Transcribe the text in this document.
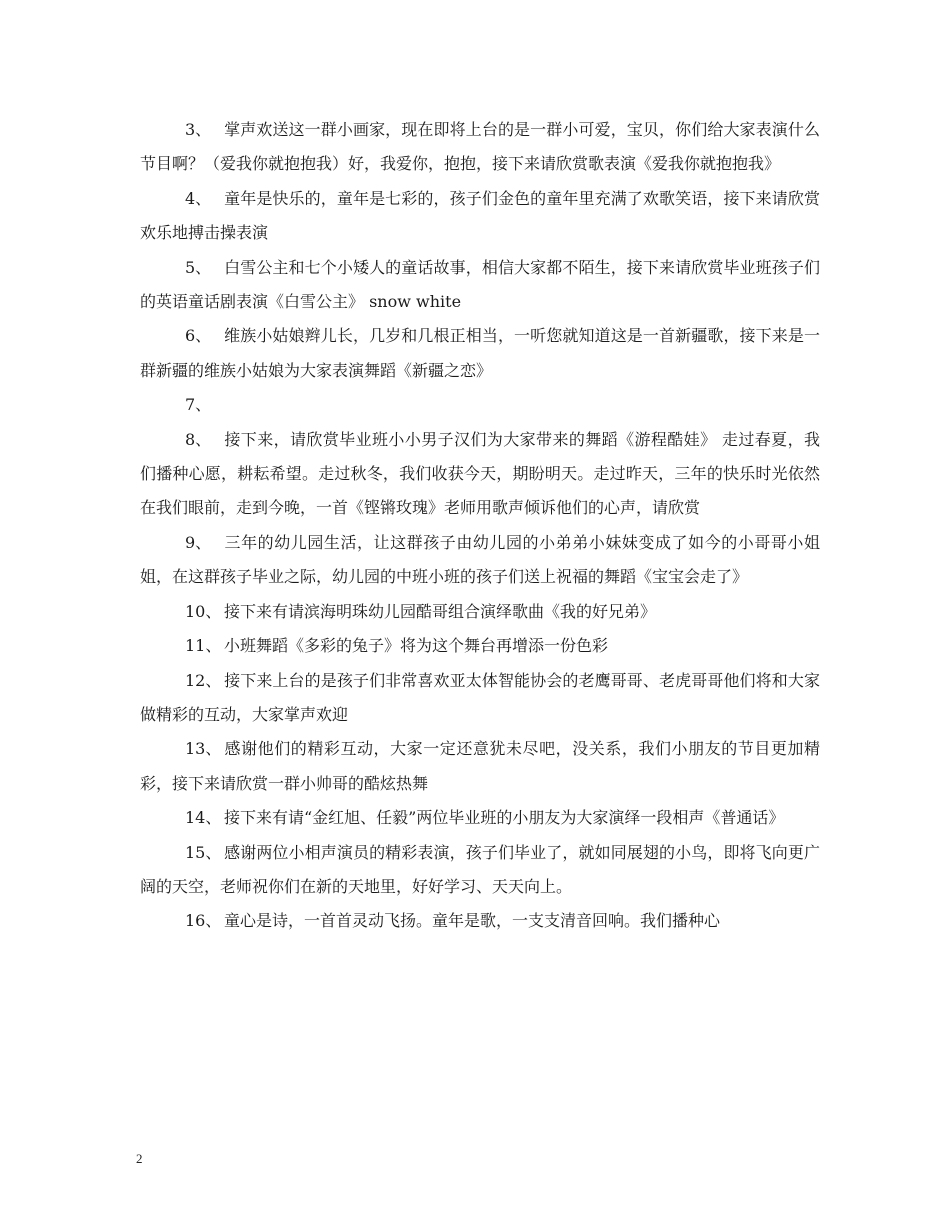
3、 掌声欢送这一群小画家，现在即将上台的是一群小可爱，宝贝，你们给大家表演什么节目啊？（爱我你就抱抱我）好，我爱你，抱抱，接下来请欣赏歌表演《爱我你就抱抱我》

4、 童年是快乐的，童年是七彩的，孩子们金色的童年里充满了欢歌笑语，接下来请欣赏欢乐地搏击操表演

5、 白雪公主和七个小矮人的童话故事，相信大家都不陌生，接下来请欣赏毕业班孩子们的英语童话剧表演《白雪公主》 snow white

6、 维族小姑娘辫儿长，几岁和几根正相当，一听您就知道这是一首新疆歌，接下来是一群新疆的维族小姑娘为大家表演舞蹈《新疆之恋》

7、

8、 接下来，请欣赏毕业班小小男子汉们为大家带来的舞蹈《游程酷娃》 走过春夏，我们播种心愿，耕耘希望。走过秋冬，我们收获今天，期盼明天。走过昨天，三年的快乐时光依然在我们眼前，走到今晚，一首《铿锵玫瑰》老师用歌声倾诉他们的心声，请欣赏

9、 三年的幼儿园生活，让这群孩子由幼儿园的小弟弟小妹妹变成了如今的小哥哥小姐姐，在这群孩子毕业之际，幼儿园的中班小班的孩子们送上祝福的舞蹈《宝宝会走了》

10、 接下来有请滨海明珠幼儿园酷哥组合演绎歌曲《我的好兄弟》

11、 小班舞蹈《多彩的兔子》将为这个舞台再增添一份色彩

12、 接下来上台的是孩子们非常喜欢亚太体智能协会的老鹰哥哥、老虎哥哥他们将和大家做精彩的互动，大家掌声欢迎

13、 感谢他们的精彩互动，大家一定还意犹未尽吧，没关系，我们小朋友的节目更加精彩，接下来请欣赏一群小帅哥的酷炫热舞

14、 接下来有请“金红旭、任毅”两位毕业班的小朋友为大家演绎一段相声《普通话》

15、 感谢两位小相声演员的精彩表演，孩子们毕业了，就如同展翅的小鸟，即将飞向更广阔的天空，老师祝你们在新的天地里，好好学习、天天向上。

16、 童心是诗，一首首灵动飞扬。童年是歌，一支支清音回响。我们播种心

2
